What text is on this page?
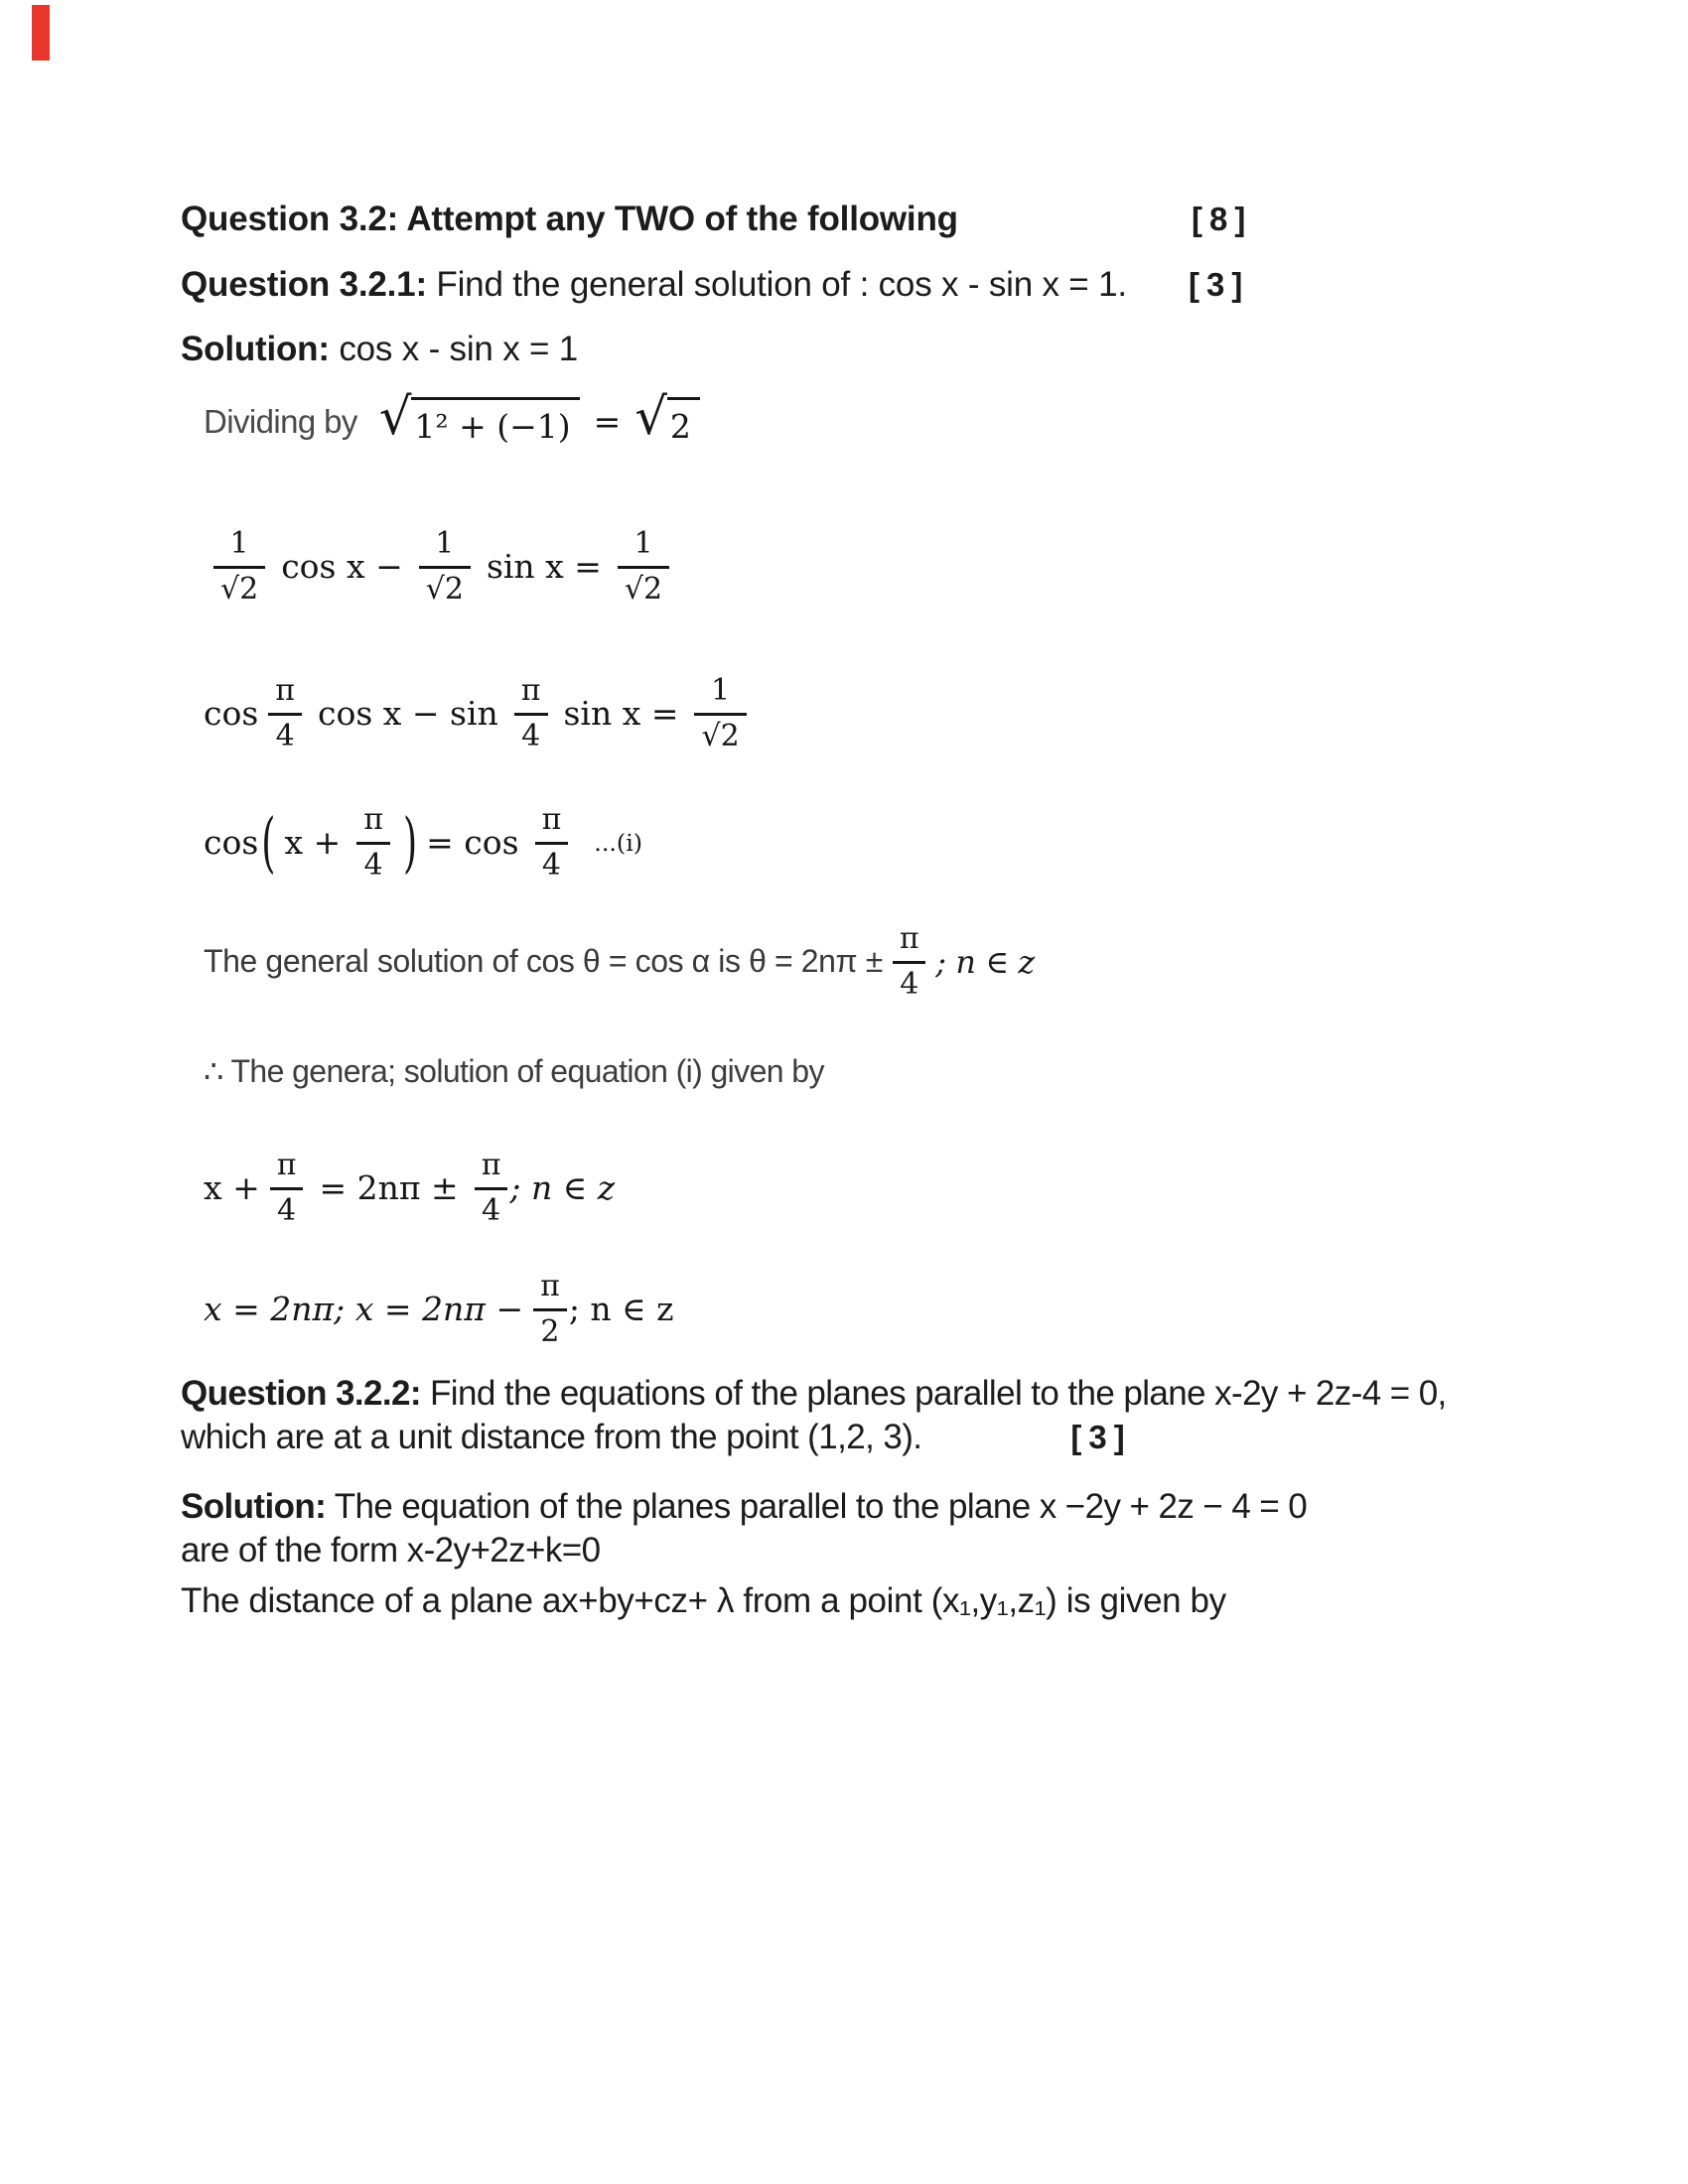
Question 3.2: Attempt any TWO of the following	[8]
Question 3.2.1: Find the general solution of : cos x - sin x = 1. [3]
Solution: cos x - sin x = 1
Dividing by √ 1² + (−1) = √ 2
$\frac{1}{√2}$ $\cos x - \frac{1}{√2}$ $\sin x = \frac{1}{√2}$
$\cos \frac{\pi}{4}$ $\cos x - \sin \frac{\pi}{4}$ $\sin x = \frac{1}{√2}$
cos ( $x + \frac{\pi}{4}$ ) = $\cos \frac{\pi}{4} ...(i)$
The general solution of cos θ = cos α is $\theta = 2n\pi \pm \frac{\pi}{4}$ ; n ∈ z
∴ The genera; solution of equation (i) given by
$x + \frac{\pi}{4} = 2n\pi \pm \frac{\pi}{4}$ ; n ∈ z
x = 2nπ; $x = 2n\pi - \frac{\pi}{2}$ ; n ∈ z
Question 3.2.2: Find the equations of the planes parallel to the plane x-2y + 2z-4 = 0,
which are at a unit distance from the point (1,2, 3).	[3]
Solution: The equation of the planes parallel to the plane x −2y + 2z − 4 = 0
are of the form x-2y+2z+k=0
The distance of a plane ax+by+cz+ λ from a point (x₁,y₁,z₁) is given by
